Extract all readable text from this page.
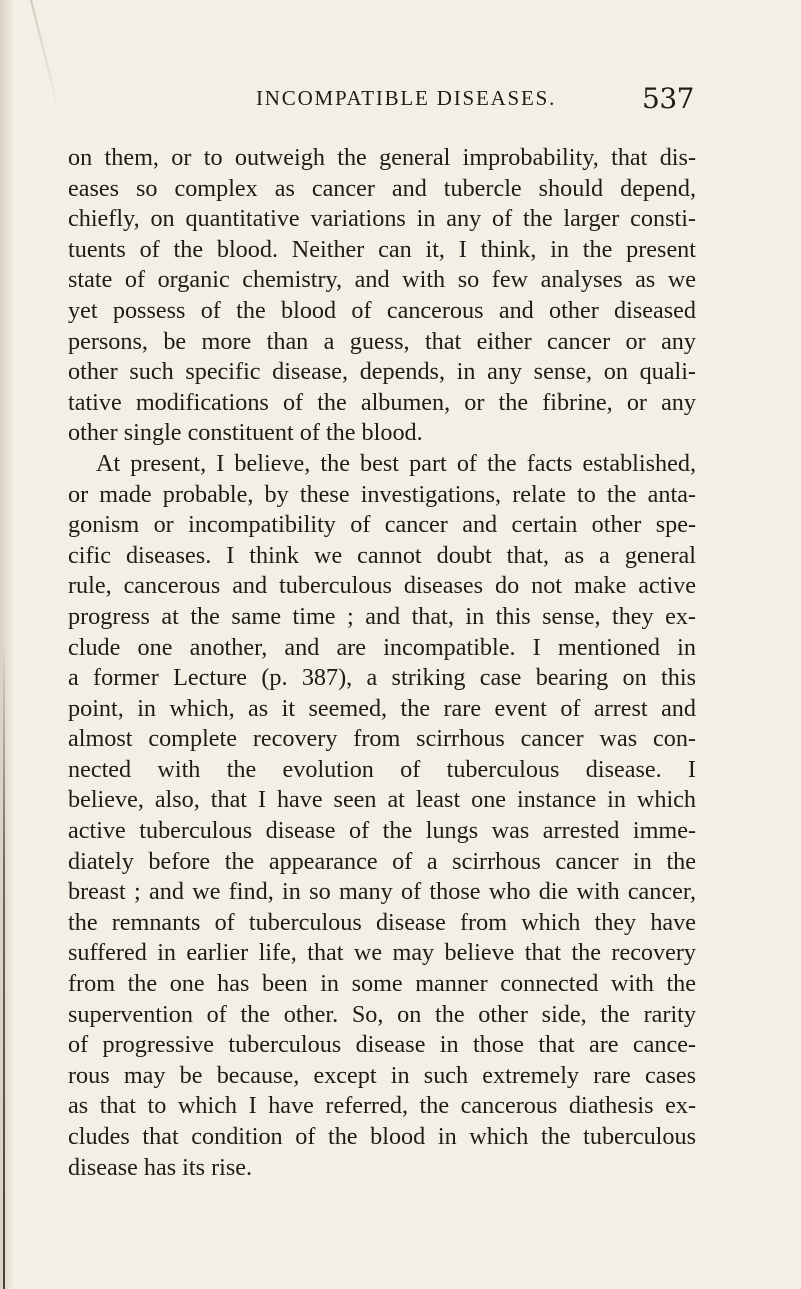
INCOMPATIBLE DISEASES.	537
on them, or to outweigh the general improbability, that dis-
eases so complex as cancer and tubercle should depend,
chiefly, on quantitative variations in any of the larger consti-
tuents of the blood. Neither can it, I think, in the present
state of organic chemistry, and with so few analyses as we
yet possess of the blood of cancerous and other diseased
persons, be more than a guess, that either cancer or any
other such specific disease, depends, in any sense, on quali-
tative modifications of the albumen, or the fibrine, or any
other single constituent of the blood.
At present, I believe, the best part of the facts established,
or made probable, by these investigations, relate to the anta-
gonism or incompatibility of cancer and certain other spe-
cific diseases. I think we cannot doubt that, as a general
rule, cancerous and tuberculous diseases do not make active
progress at the same time ; and that, in this sense, they ex-
clude one another, and are incompatible. I mentioned in
a former Lecture (p. 387), a striking case bearing on this
point, in which, as it seemed, the rare event of arrest and
almost complete recovery from scirrhous cancer was con-
nected with the evolution of tuberculous disease. I
believe, also, that I have seen at least one instance in which
active tuberculous disease of the lungs was arrested imme-
diately before the appearance of a scirrhous cancer in the
breast ; and we find, in so many of those who die with cancer,
the remnants of tuberculous disease from which they have
suffered in earlier life, that we may believe that the recovery
from the one has been in some manner connected with the
supervention of the other. So, on the other side, the rarity
of progressive tuberculous disease in those that are cance-
rous may be because, except in such extremely rare cases
as that to which I have referred, the cancerous diathesis ex-
cludes that condition of the blood in which the tuberculous
disease has its rise.
